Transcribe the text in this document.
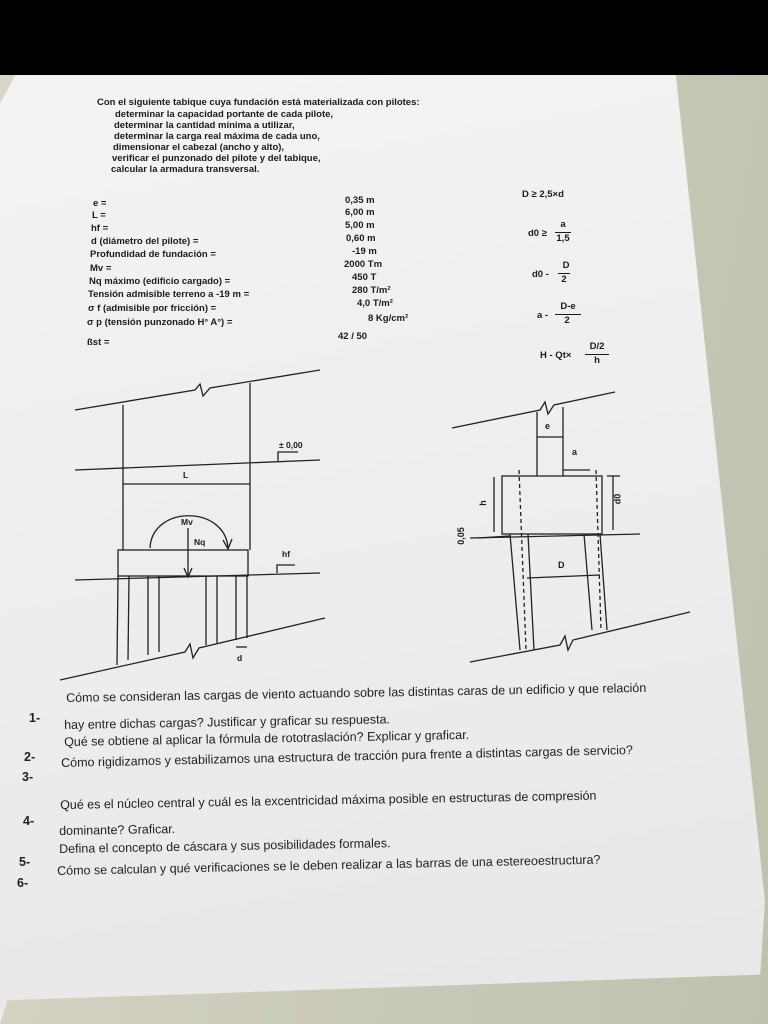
Con el siguiente tabique cuya fundación está materializada con pilotes:
determinar la capacidad portante de cada pilote,
determinar la cantidad mínima a utilizar,
determinar la carga real máxima de cada uno,
dimensionar el cabezal (ancho y alto),
verificar el punzonado del pilote y del tabique,
calcular la armadura transversal.
e =	0,35 m
L =	6,00 m
hf =	5,00 m
d (diámetro del pilote) =	0,60 m
Profundidad de fundación =	-19 m
Mv =	2000 Tm
Nq máximo (edificio cargado) =	450 T
Tensión admisible terreno a -19 m =	280 T/m²
σ f (admisible por fricción) =	4,0 T/m²
σ p (tensión punzonado H° A°) =	8 Kg/cm²
ßst =
42 / 50
D ≥ 2,5×d
d0 ≥
a
1,5
d0 -
D
2
a -
D-e
2
H - Qt×
D/2
h
± 0,00
L
Mv
Nq
hf
d
e
a
h	d0
0,05
D
1-
Cómo se consideran las cargas de viento actuando sobre las distintas caras de un edificio y que relación
hay entre dichas cargas? Justificar y graficar su respuesta.
2-
Qué se obtiene al aplicar la fórmula de rototraslación? Explicar y graficar.
3-
Cómo rigidizamos y estabilizamos una estructura de tracción pura frente a distintas cargas de servicio?
4-
Qué es el núcleo central y cuál es la excentricidad máxima posible en estructuras de compresión
dominante? Graficar.
5-
Defina el concepto de cáscara y sus posibilidades formales.
6-
Cómo se calculan y qué verificaciones se le deben realizar a las barras de una estereoestructura?
